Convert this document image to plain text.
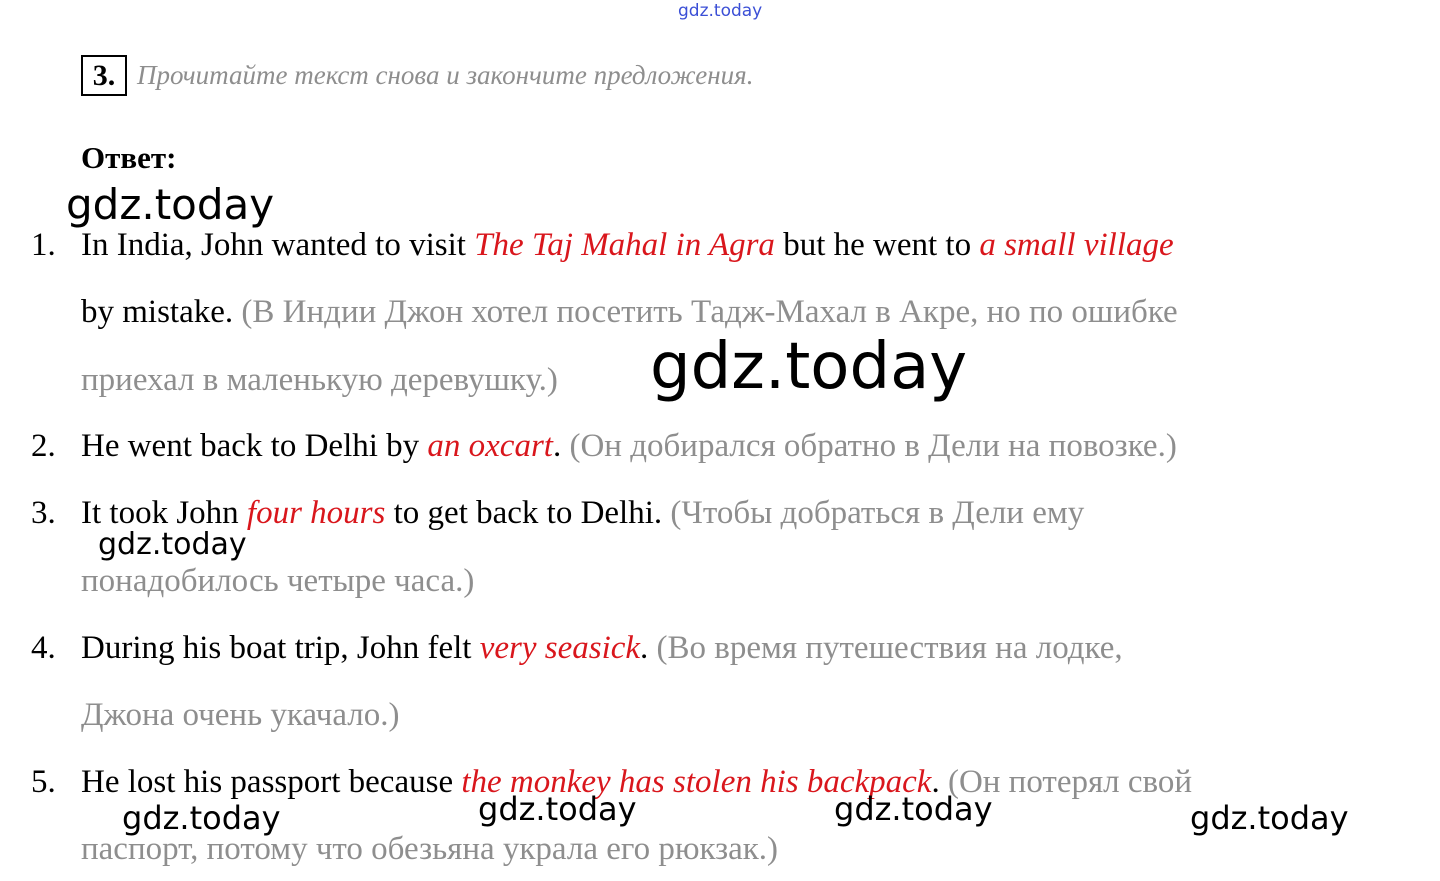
gdz.today
3. Прочитайте текст снова и закончите предложения.
Ответ:
gdz.today
1. In India, John wanted to visit The Taj Mahal in Agra but he went to a small village
by mistake. (В Индии Джон хотел посетить Тадж-Махал в Акре, но по ошибке
приехал в маленькую деревушку.) gdz.today
2. He went back to Delhi by an oxcart. (Он добирался обратно в Дели на повозке.)
3. It took John four hours to get back to Delhi. (Чтобы добраться в Дели ему
понадобилось четыре часа.)
gdz.today
4. During his boat trip, John felt very seasick. (Во время путешествия на лодке,
Джона очень укачало.)
5. He lost his passport because the monkey has stolen his backpack. (Он потерял свой
паспорт, потому что обезьяна украла его рюкзак.)
gdz.today	gdz.today	gdz.today	gdz.today
